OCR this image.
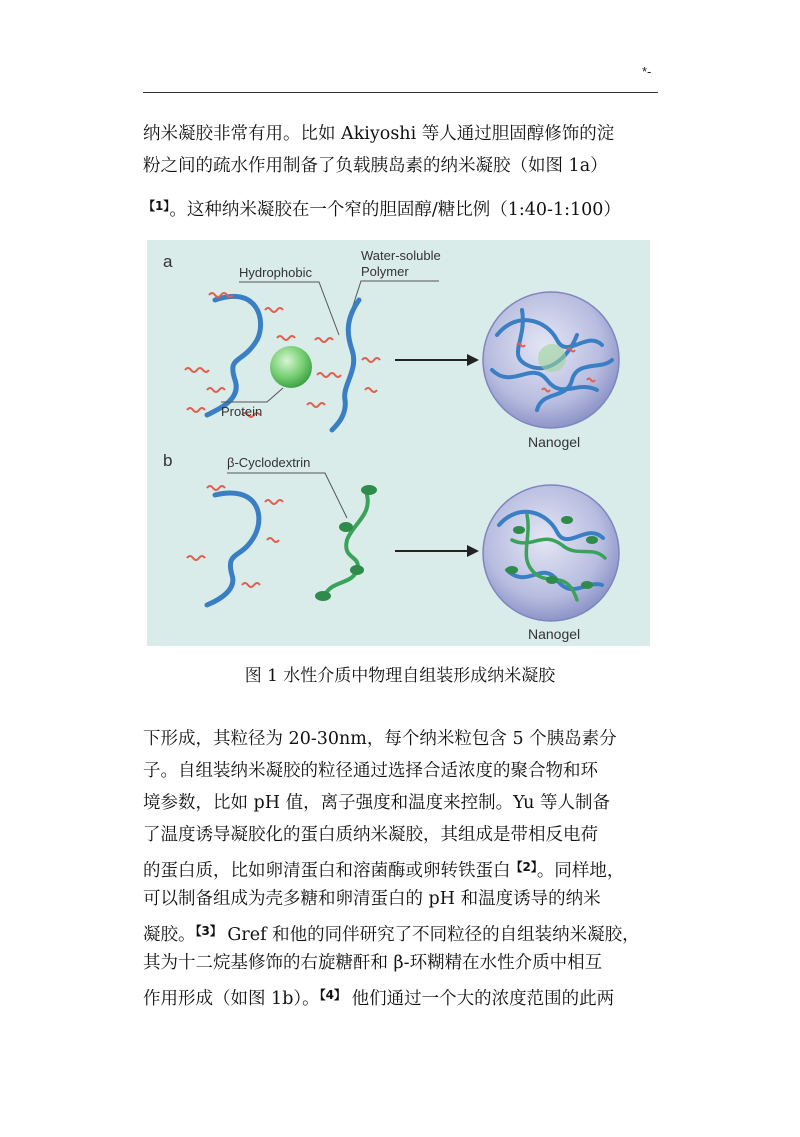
*-
纳米凝胶非常有用。比如 Akiyoshi 等人通过胆固醇修饰的淀
粉之间的疏水作用制备了负载胰岛素的纳米凝胶（如图 1a）
$^{【1】}$。这种纳米凝胶在一个窄的胆固醇/糖比例（1:40-1:100）
a
b
Hydrophobic
Water-soluble
Polymer
Protein
Nanogel
β-Cyclodextrin
Nanogel
图 1 水性介质中物理自组装形成纳米凝胶
下形成，其粒径为 20-30nm，每个纳米粒包含 5 个胰岛素分
子。自组装纳米凝胶的粒径通过选择合适浓度的聚合物和环
境参数，比如 pH 值，离子强度和温度来控制。Yu 等人制备
了温度诱导凝胶化的蛋白质纳米凝胶，其组成是带相反电荷
的蛋白质，比如卵清蛋白和溶菌酶或卵转铁蛋白$^{【2】}$。同样地，
可以制备组成为壳多糖和卵清蛋白的 pH 和温度诱导的纳米
凝胶。$^{【3】}$ Gref 和他的同伴研究了不同粒径的自组装纳米凝胶，
其为十二烷基修饰的右旋糖酐和 β-环糊精在水性介质中相互
作用形成（如图 1b）。$^{【4】}$ 他们通过一个大的浓度范围的此两
